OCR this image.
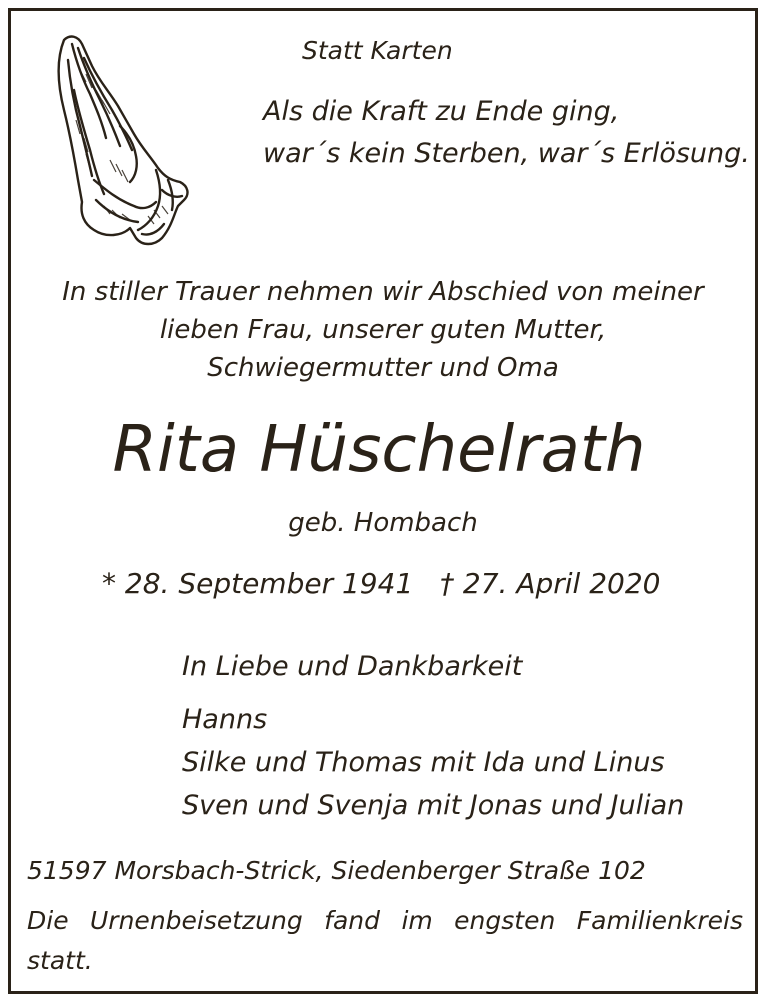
Statt Karten
Als die Kraft zu Ende ging,
war´s kein Sterben, war´s Erlösung.
In stiller Trauer nehmen wir Abschied von meiner
lieben Frau, unserer guten Mutter,
Schwiegermutter und Oma
Rita Hüschelrath
geb. Hombach
* 28. September 1941 † 27. April 2020
In Liebe und Dankbarkeit
Hanns
Silke und Thomas mit Ida und Linus
Sven und Svenja mit Jonas und Julian
51597 Morsbach-Strick, Siedenberger Straße 102
Die Urnenbeisetzung fand im engsten Familienkreis
statt.
